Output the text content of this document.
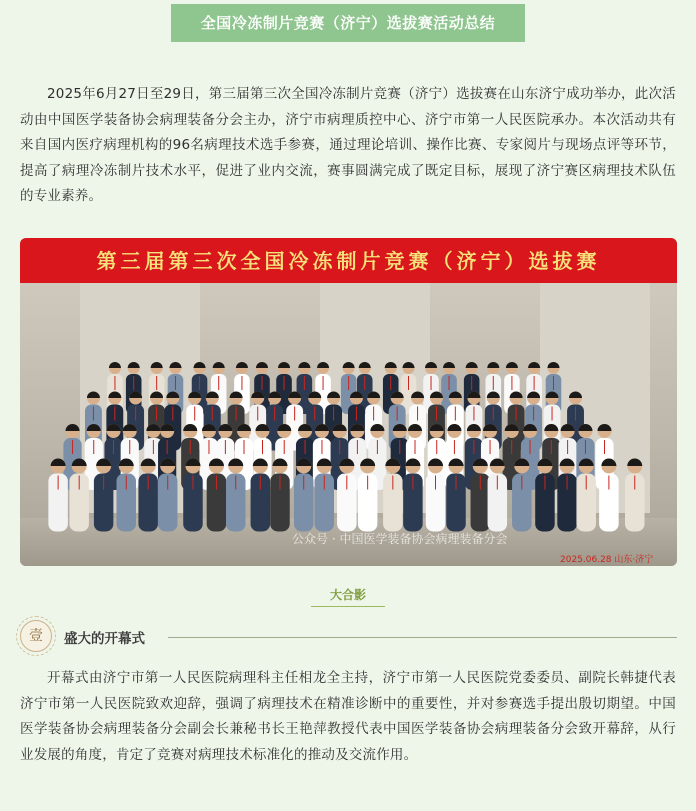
全国冷冻制片竞赛（济宁）选拔赛活动总结

2025年6月27日至29日，第三届第三次全国冷冻制片竞赛（济宁）选拔赛在山东济宁成功举办，此次活动由中国医学装备协会病理装备分会主办，济宁市病理质控中心、济宁市第一人民医院承办。本次活动共有来自国内医疗病理机构的96名病理技术选手参赛，通过理论培训、操作比赛、专家阅片与现场点评等环节，提高了病理冷冻制片技术水平，促进了业内交流，赛事圆满完成了既定目标，展现了济宁赛区病理技术队伍的专业素养。

第三届第三次全国冷冻制片竞赛（济宁）选拔赛
公众号 · 中国医学装备协会病理装备分会
2025.06.28 山东·济宁
大合影
壹	盛大的开幕式

开幕式由济宁市第一人民医院病理科主任相龙全主持，济宁市第一人民医院党委委员、副院长韩捷代表济宁市第一人民医院致欢迎辞，强调了病理技术在精准诊断中的重要性，并对参赛选手提出殷切期望。中国医学装备协会病理装备分会副会长兼秘书长王艳萍教授代表中国医学装备协会病理装备分会致开幕辞，从行业发展的角度，肯定了竞赛对病理技术标准化的推动及交流作用。
